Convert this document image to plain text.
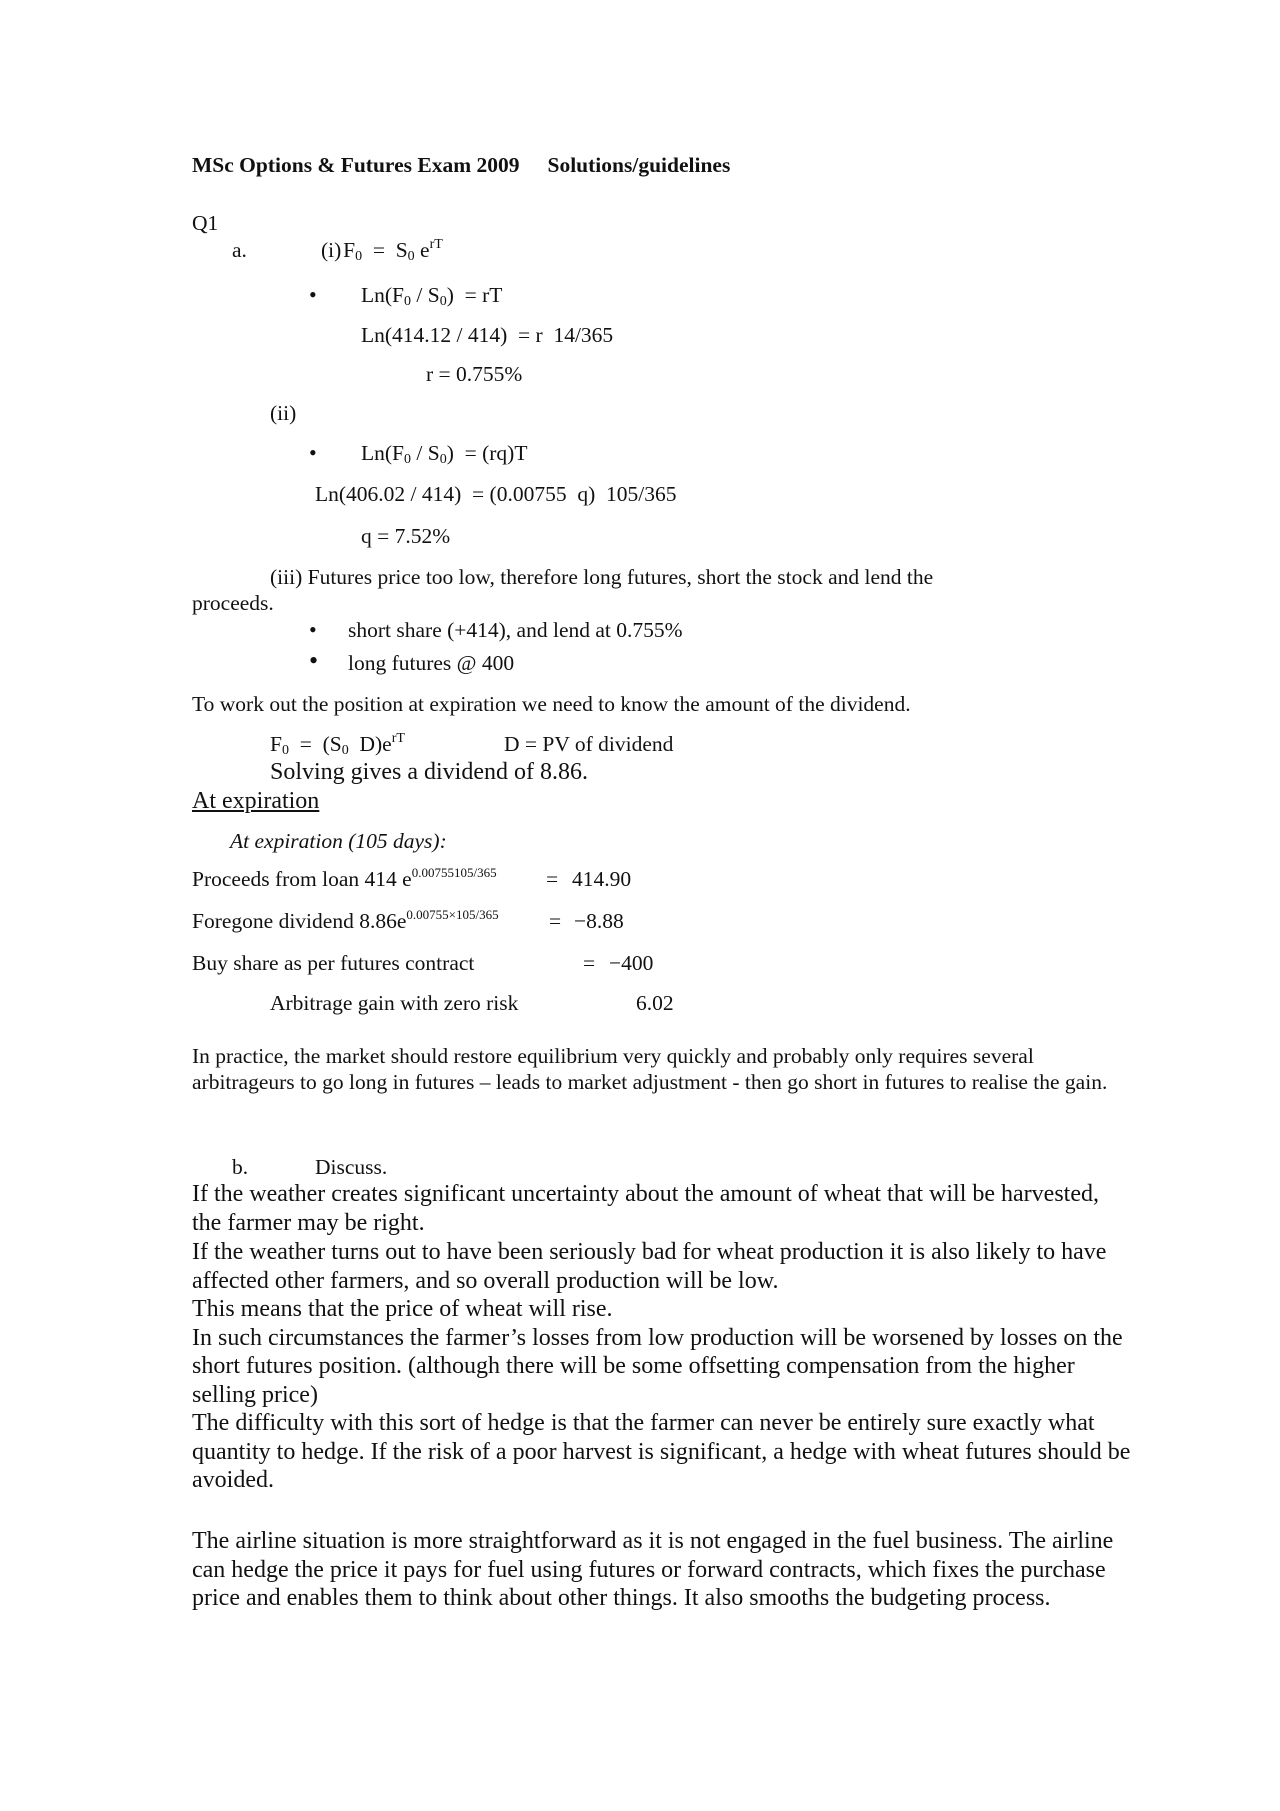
MSc Options & Futures Exam 2009 Solutions/guidelines
Q1
a.	(i) $F_0 = S_0$ $e^{rT}$
• $Ln(F_0 / S_0)$  = rT
Ln(414.12 / 414)  = r  14/365
r = 0.755%
(ii)
• $Ln(F_0 / S_0) = (rq)T$
Ln(406.02 / 414)  = (0.00755  q)  105/365
q = 7.52%
(iii) Futures price too low, therefore long futures, short the stock and lend the
proceeds.
• short share (+414), and lend at 0.755%
• long futures @ 400
To work out the position at expiration we need to know the amount of the dividend.
$F_0 = (S_0$  $D)e^{rT}$	D = PV of dividend
Solving gives a dividend of 8.86.
At expiration
At expiration (105 days):
Proceeds from loan 414 $e^{0.00755105/365} = 414.90$
Foregone dividend $8.86e^{0.00755\times 105/365} = -8.88$
Buy share as per futures contract	= −400
Arbitrage gain with zero risk	6.02
In practice, the market should restore equilibrium very quickly and probably only requires several arbitrageurs to go long in futures – leads to market adjustment - then go short in futures to realise the gain.
b.	Discuss.

If the weather creates significant uncertainty about the amount of wheat that will be harvested, the farmer may be right.

If the weather turns out to have been seriously bad for wheat production it is also likely to have affected other farmers, and so overall production will be low.

This means that the price of wheat will rise.

In such circumstances the farmer’s losses from low production will be worsened by losses on the short futures position. (although there will be some offsetting compensation from the higher selling price)

The difficulty with this sort of hedge is that the farmer can never be entirely sure exactly what quantity to hedge. If the risk of a poor harvest is significant, a hedge with wheat futures should be avoided.

The airline situation is more straightforward as it is not engaged in the fuel business. The airline can hedge the price it pays for fuel using futures or forward contracts, which fixes the purchase price and enables them to think about other things. It also smooths the budgeting process.
